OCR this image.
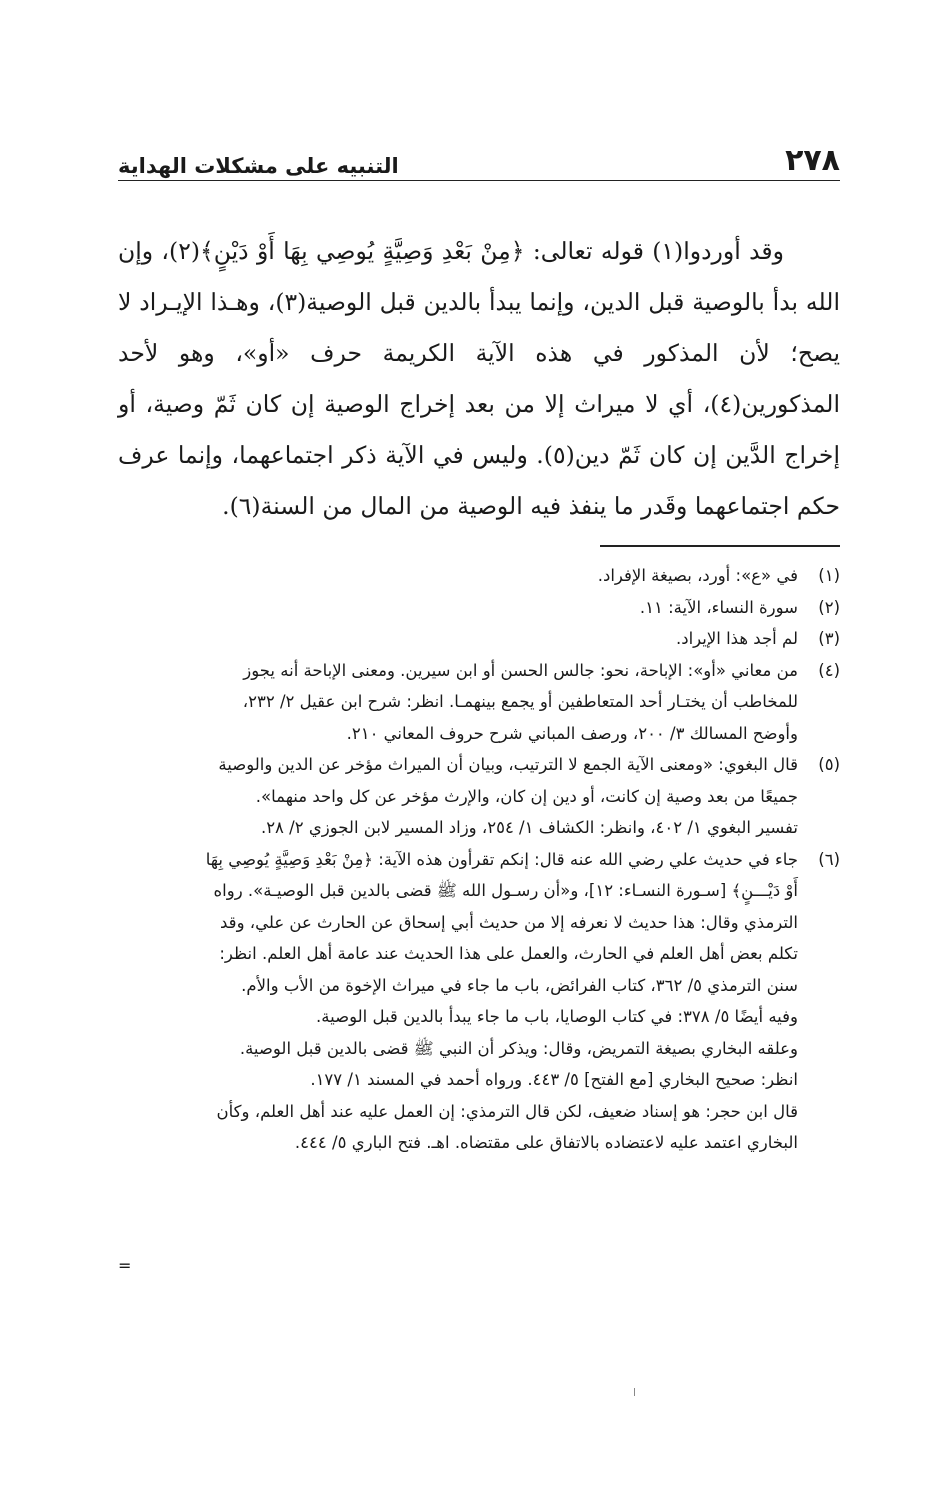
٢٧٨
التنبيه على مشكلات الهداية

وقد أوردوا(١) قوله تعالى: ﴿مِنْ بَعْدِ وَصِيَّةٍ يُوصِي بِهَا أَوْ دَيْنٍ﴾(٢)، وإن الله بدأ بالوصية قبل الدين، وإنما يبدأ بالدين قبل الوصية(٣)، وهـذا الإيـراد لا يصح؛ لأن المذكور في هذه الآية الكريمة حرف «أو»، وهو لأحد المذكورين(٤)، أي لا ميراث إلا من بعد إخراج الوصية إن كان ثَمّ وصية، أو إخراج الدَّين إن كان ثَمّ دين(٥). وليس في الآية ذكر اجتماعهما، وإنما عرف حكم اجتماعهما وقَدر ما ينفذ فيه الوصية من المال من السنة(٦).

(١)
في «ع»: أورد، بصيغة الإفراد.
(٢)
سورة النساء، الآية: ١١.
(٣)
لم أجد هذا الإيراد.
(٤)
من معاني «أو»: الإباحة، نحو: جالس الحسن أو ابن سيرين. ومعنى الإباحة أنه يجوز
للمخاطب أن يختـار أحد المتعاطفين أو يجمع بينهمـا. انظر: شرح ابن عقيل ٢/ ٢٣٢،
وأوضح المسالك ٣/ ٢٠٠، ورصف المباني شرح حروف المعاني ٢١٠.
(٥)
قال البغوي: «ومعنى الآية الجمع لا الترتيب، وبيان أن الميراث مؤخر عن الدين والوصية
جميعًا من بعد وصية إن كانت، أو دين إن كان، والإرث مؤخر عن كل واحد منهما».
تفسير البغوي ١/ ٤٠٢، وانظر: الكشاف ١/ ٢٥٤، وزاد المسير لابن الجوزي ٢/ ٢٨.
(٦)
جاء في حديث علي رضي الله عنه قال: إنكم تقرأون هذه الآية: ﴿مِنْ بَعْدِ وَصِيَّةٍ يُوصِي بِهَا
أَوْ دَيْـــنٍ﴾ [سـورة النسـاء: ١٢]، و«أن رسـول الله ﷺ قضى بالدين قبل الوصيـة». رواه
الترمذي وقال: هذا حديث لا نعرفه إلا من حديث أبي إسحاق عن الحارث عن علي، وقد
تكلم بعض أهل العلم في الحارث، والعمل على هذا الحديث عند عامة أهل العلم. انظر:
سنن الترمذي ٥/ ٣٦٢، كتاب الفرائض، باب ما جاء في ميراث الإخوة من الأب والأم.
وفيه أيضًا ٥/ ٣٧٨: في كتاب الوصايا، باب ما جاء يبدأ بالدين قبل الوصية.
وعلقه البخاري بصيغة التمريض، وقال: ويذكر أن النبي ﷺ قضى بالدين قبل الوصية.
انظر: صحيح البخاري [مع الفتح] ٥/ ٤٤٣. ورواه أحمد في المسند ١/ ١٧٧.
قال ابن حجر: هو إسناد ضعيف، لكن قال الترمذي: إن العمل عليه عند أهل العلم، وكأن
البخاري اعتمد عليه لاعتضاده بالاتفاق على مقتضاه. اهـ. فتح الباري ٥/ ٤٤٤.
=
